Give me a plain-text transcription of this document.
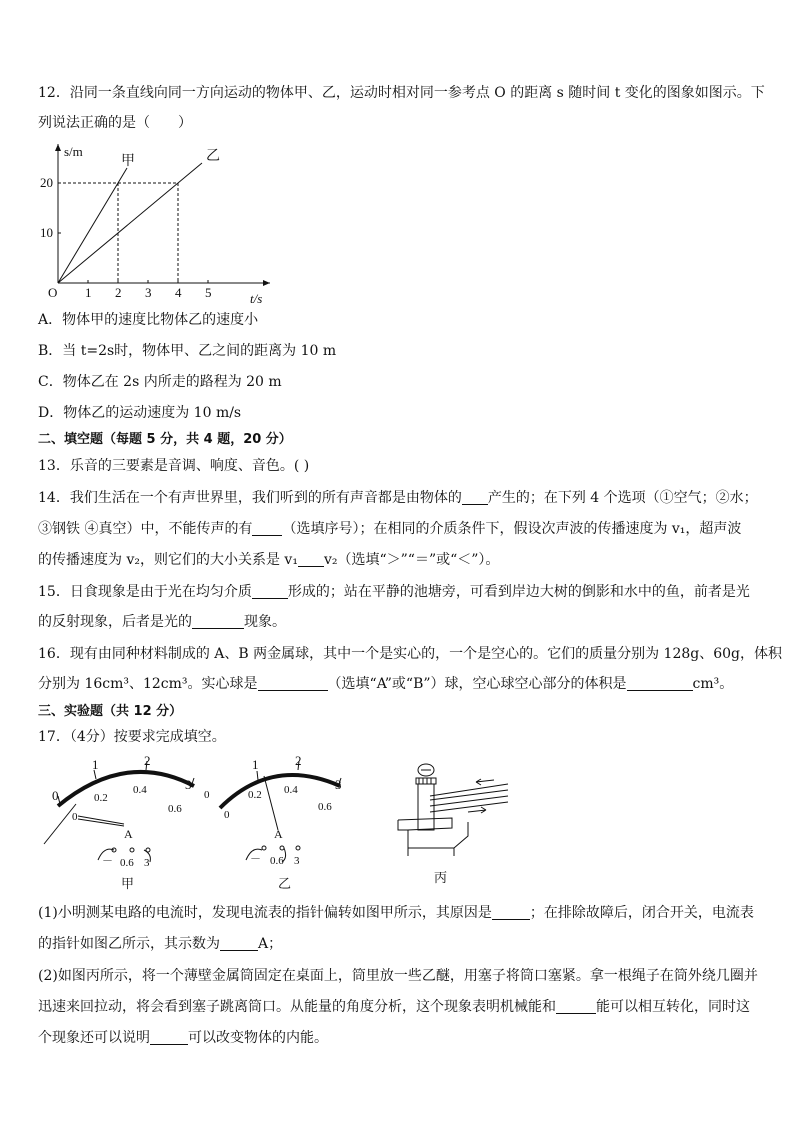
12．沿同一条直线向同一方向运动的物体甲、乙，运动时相对同一参考点 O 的距离 s 随时间 t 变化的图象如图示。下
列说法正确的是（　　）
s/m
t/s
O 1 2 3 4 5
10
20
甲	乙
A．物体甲的速度比物体乙的速度小
B．当 t=2s时，物体甲、乙之间的距离为 10 m
C．物体乙在 2s 内所走的路程为 20 m
D．物体乙的运动速度为 10 m/s
二、填空题（每题 5 分，共 4 题，20 分）
13．乐音的三要素是音调、响度、音色。( )
14．我们生活在一个有声世界里，我们听到的所有声音都是由物体的 产生的；在下列 4 个选项（①空气；②水；
③钢铁 ④真空）中，不能传声的有 （选填序号）；在相同的介质条件下，假设次声波的传播速度为 v₁，超声波
的传播速度为 v₂，则它们的大小关系是 v₁ v₂（选填“＞”“＝”或“＜”）。
15．日食现象是由于光在均匀介质	形成的；站在平静的池塘旁，可看到岸边大树的倒影和水中的鱼，前者是光
的反射现象，后者是光的	现象。
16．现有由同种材料制成的 A、B 两金属球，其中一个是实心的，一个是空心的。它们的质量分别为 128g、60g，体积
分别为 16cm³、12cm³。实心球是	（选填“A”或“B”）球，空心球空心部分的体积是	cm³。
三、实验题（共 12 分）
17．（4分）按要求完成填空。
0
1	2
3
0.2
0.4
0.6
0
A
－ 0.6 3
甲
1	2
3
0	0.2 0.4
0.6
0
A
－ 0.6 3
乙	丙
(1)小明测某电路的电流时，发现电流表的指针偏转如图甲所示，其原因是	；在排除故障后，闭合开关，电流表
的指针如图乙所示，其示数为	A；
(2)如图丙所示，将一个薄壁金属筒固定在桌面上，筒里放一些乙醚，用塞子将筒口塞紧。拿一根绳子在筒外绕几圈并
迅速来回拉动，将会看到塞子跳离筒口。从能量的角度分析，这个现象表明机械能和	能可以相互转化，同时这
个现象还可以说明	可以改变物体的内能。
